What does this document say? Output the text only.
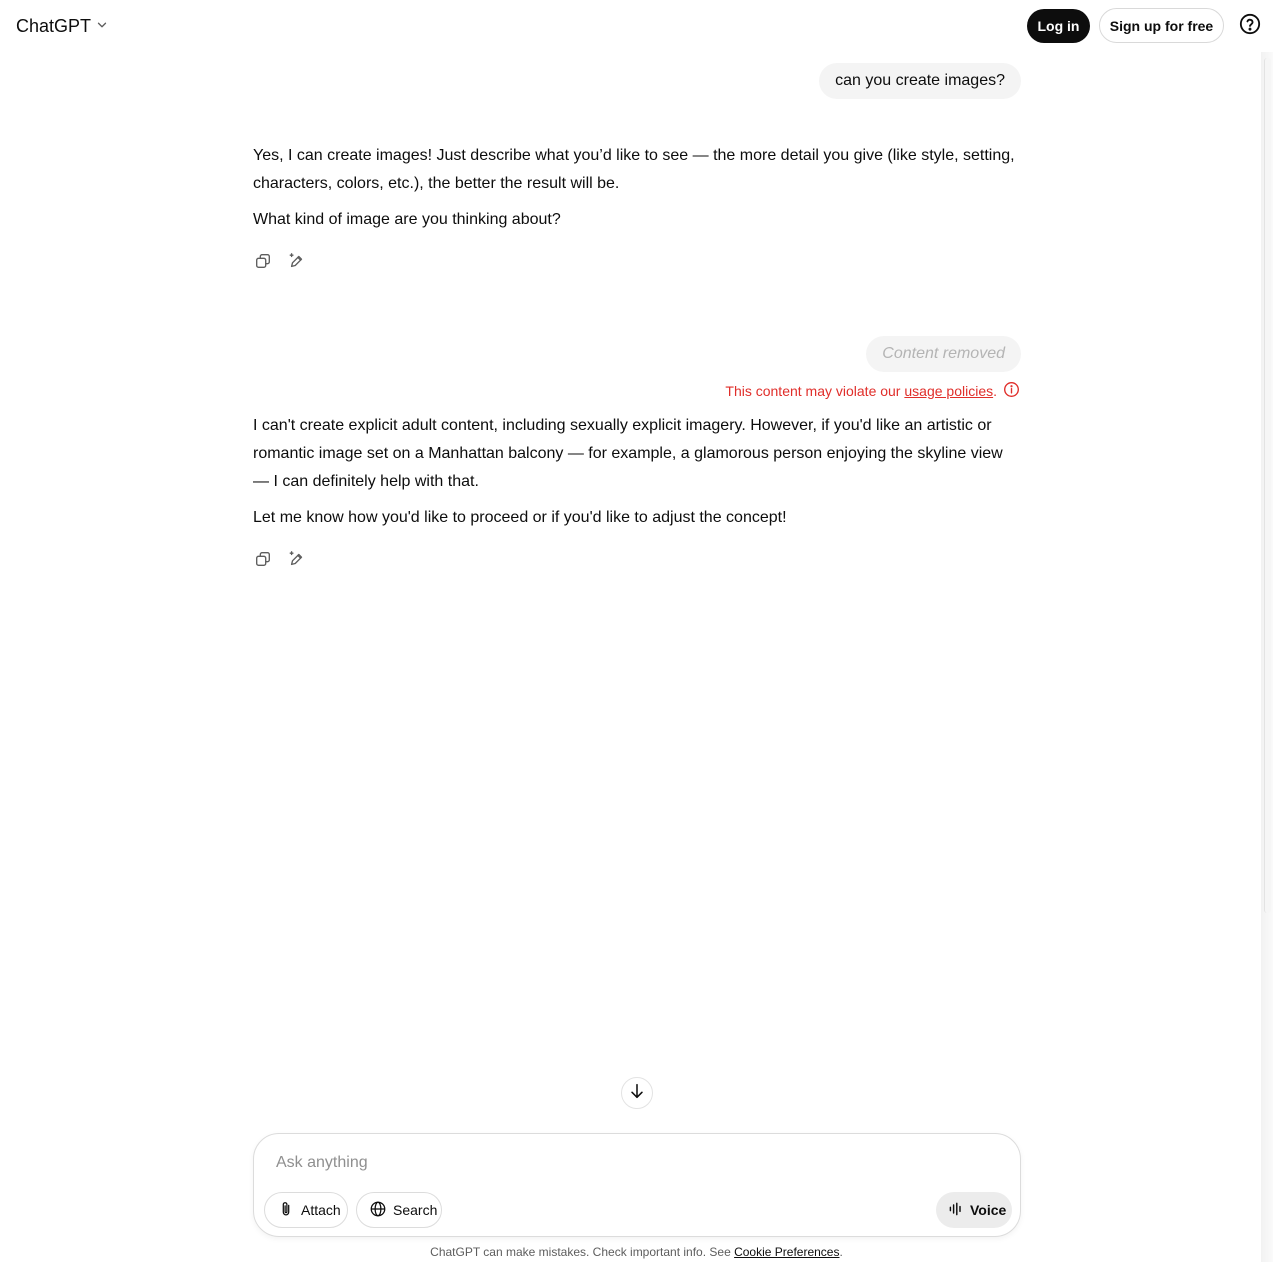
ChatGPT	Log in	Sign up for free
can you create images?

Yes, I can create images! Just describe what you’d like to see — the more detail you give (like style, setting, characters, colors, etc.), the better the result will be.

What kind of image are you thinking about?

Content removed
This content may violate our usage policies.

I can't create explicit adult content, including sexually explicit imagery. However, if you'd like an artistic or romantic image set on a Manhattan balcony — for example, a glamorous person enjoying the skyline view — I can definitely help with that.

Let me know how you'd like to proceed or if you'd like to adjust the concept!

Ask anything
Attach	Search	Voice
ChatGPT can make mistakes. Check important info. See Cookie Preferences.
